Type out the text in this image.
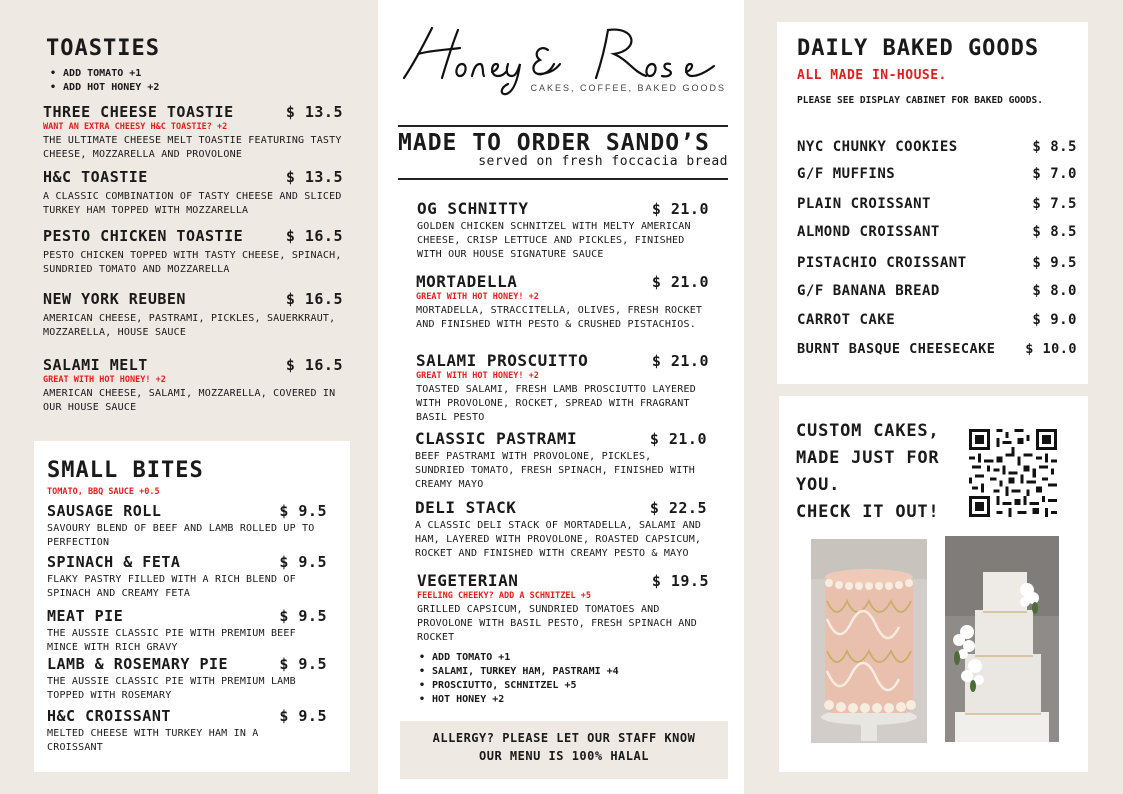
TOASTIES
• ADD TOMATO +1
• ADD HOT HONEY +2
THREE CHEESE TOASTIE	$ 13.5
WANT AN EXTRA CHEESY H&C TOASTIE? +2
THE ULTIMATE CHEESE MELT TOASTIE FEATURING TASTY CHEESE, MOZZARELLA AND PROVOLONE
H&C TOASTIE	$ 13.5
A CLASSIC COMBINATION OF TASTY CHEESE AND SLICED TURKEY HAM TOPPED WITH MOZZARELLA
PESTO CHICKEN TOASTIE	$ 16.5
PESTO CHICKEN TOPPED WITH TASTY CHEESE, SPINACH, SUNDRIED TOMATO AND MOZZARELLA
NEW YORK REUBEN	$ 16.5
AMERICAN CHEESE, PASTRAMI, PICKLES, SAUERKRAUT, MOZZARELLA, HOUSE SAUCE
SALAMI MELT	$ 16.5
GREAT WITH HOT HONEY! +2
AMERICAN CHEESE, SALAMI, MOZZARELLA, COVERED IN OUR HOUSE SAUCE
SMALL BITES
TOMATO, BBQ SAUCE +0.5
SAUSAGE ROLL	$ 9.5
SAVOURY BLEND OF BEEF AND LAMB ROLLED UP TO PERFECTION
SPINACH & FETA	$ 9.5
FLAKY PASTRY FILLED WITH A RICH BLEND OF SPINACH AND CREAMY FETA
MEAT PIE	$ 9.5
THE AUSSIE CLASSIC PIE WITH PREMIUM BEEF MINCE WITH RICH GRAVY
LAMB & ROSEMARY PIE	$ 9.5
THE AUSSIE CLASSIC PIE WITH PREMIUM LAMB TOPPED WITH ROSEMARY
H&C CROISSANT	$ 9.5
MELTED CHEESE WITH TURKEY HAM IN A CROISSANT
CAKES, COFFEE, BAKED GOODS
MADE TO ORDER SANDO’S
served on fresh foccacia bread
OG SCHNITTY	$ 21.0
GOLDEN CHICKEN SCHNITZEL WITH MELTY AMERICAN CHEESE, CRISP LETTUCE AND PICKLES, FINISHED WITH OUR HOUSE SIGNATURE SAUCE
MORTADELLA	$ 21.0
GREAT WITH HOT HONEY! +2
MORTADELLA, STRACCITELLA, OLIVES, FRESH ROCKET AND FINISHED WITH PESTO & CRUSHED PISTACHIOS.
SALAMI PROSCUITTO	$ 21.0
GREAT WITH HOT HONEY! +2
TOASTED SALAMI, FRESH LAMB PROSCIUTTO LAYERED WITH PROVOLONE, ROCKET, SPREAD WITH FRAGRANT BASIL PESTO
CLASSIC PASTRAMI	$ 21.0
BEEF PASTRAMI WITH PROVOLONE, PICKLES, SUNDRIED TOMATO, FRESH SPINACH, FINISHED WITH CREAMY MAYO
DELI STACK	$ 22.5
A CLASSIC DELI STACK OF MORTADELLA, SALAMI AND HAM, LAYERED WITH PROVOLONE, ROASTED CAPSICUM, ROCKET AND FINISHED WITH CREAMY PESTO & MAYO
VEGETERIAN	$ 19.5
FEELING CHEEKY? ADD A SCHNITZEL +5
GRILLED CAPSICUM, SUNDRIED TOMATOES AND PROVOLONE WITH BASIL PESTO, FRESH SPINACH AND ROCKET
• ADD TOMATO +1
• SALAMI, TURKEY HAM, PASTRAMI +4
• PROSCIUTTO, SCHNITZEL +5
• HOT HONEY +2
ALLERGY? PLEASE LET OUR STAFF KNOW
OUR MENU IS 100% HALAL
DAILY BAKED GOODS
ALL MADE IN-HOUSE.
PLEASE SEE DISPLAY CABINET FOR BAKED GOODS.
NYC CHUNKY COOKIES	$ 8.5
G/F MUFFINS	$ 7.0
PLAIN CROISSANT	$ 7.5
ALMOND CROISSANT	$ 8.5
PISTACHIO CROISSANT	$ 9.5
G/F BANANA BREAD	$ 8.0
CARROT CAKE	$ 9.0
BURNT BASQUE CHEESECAKE $ 10.0
CUSTOM CAKES,
MADE JUST FOR
YOU.
CHECK IT OUT!
